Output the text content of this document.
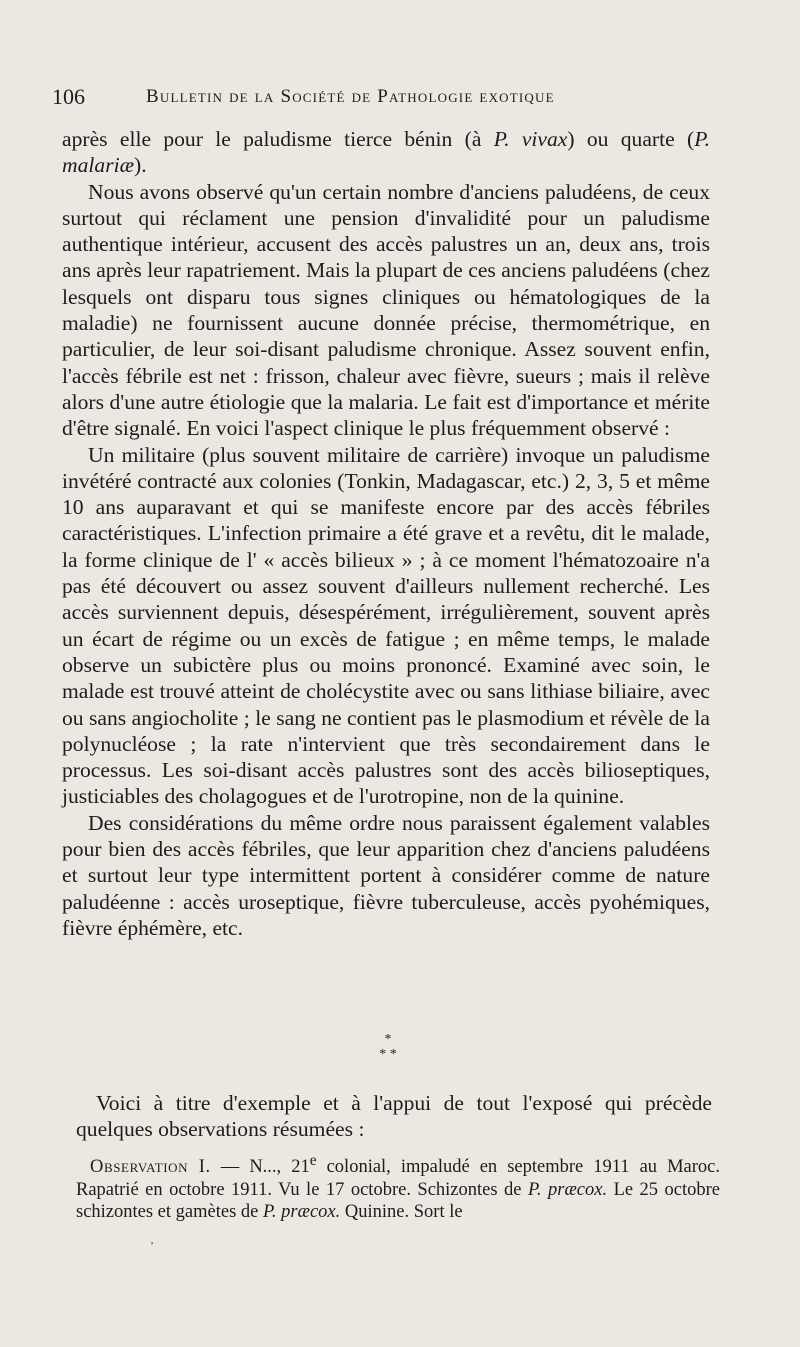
106	Bulletin de la Société de Pathologie exotique

après elle pour le paludisme tierce bénin (à P. vivax) ou quarte (P. malariæ).

Nous avons observé qu'un certain nombre d'anciens paludéens, de ceux surtout qui réclament une pension d'invalidité pour un paludisme authentique intérieur, accusent des accès palustres un an, deux ans, trois ans après leur rapatriement. Mais la plupart de ces anciens paludéens (chez lesquels ont disparu tous signes cliniques ou hématologiques de la maladie) ne fournissent aucune donnée précise, thermométrique, en particulier, de leur soi-disant paludisme chronique. Assez souvent enfin, l'accès fébrile est net : frisson, chaleur avec fièvre, sueurs ; mais il relève alors d'une autre étiologie que la malaria. Le fait est d'importance et mérite d'être signalé. En voici l'aspect clinique le plus fréquemment observé :

Un militaire (plus souvent militaire de carrière) invoque un paludisme invétéré contracté aux colonies (Tonkin, Madagascar, etc.) 2, 3, 5 et même 10 ans auparavant et qui se manifeste encore par des accès fébriles caractéristiques. L'infection primaire a été grave et a revêtu, dit le malade, la forme clinique de l' « accès bilieux » ; à ce moment l'hématozoaire n'a pas été découvert ou assez souvent d'ailleurs nullement recherché. Les accès surviennent depuis, désespérément, irrégulièrement, souvent après un écart de régime ou un excès de fatigue ; en même temps, le malade observe un subictère plus ou moins prononcé. Examiné avec soin, le malade est trouvé atteint de cholécystite avec ou sans lithiase biliaire, avec ou sans angiocholite ; le sang ne contient pas le plasmodium et révèle de la polynucléose ; la rate n'intervient que très secondairement dans le processus. Les soi-disant accès palustres sont des accès bilioseptiques, justiciables des cholagogues et de l'urotropine, non de la quinine.

Des considérations du même ordre nous paraissent également valables pour bien des accès fébriles, que leur apparition chez d'anciens paludéens et surtout leur type intermittent portent à considérer comme de nature paludéenne : accès uroseptique, fièvre tuberculeuse, accès pyohémiques, fièvre éphémère, etc.

*
* *

Voici à titre d'exemple et à l'appui de tout l'exposé qui précède quelques observations résumées :

Observation I. — N..., 21e colonial, impaludé en septembre 1911 au Maroc. Rapatrié en octobre 1911. Vu le 17 octobre. Schizontes de P. præcox. Le 25 octobre schizontes et gamètes de P. præcox. Quinine. Sort le

‚
